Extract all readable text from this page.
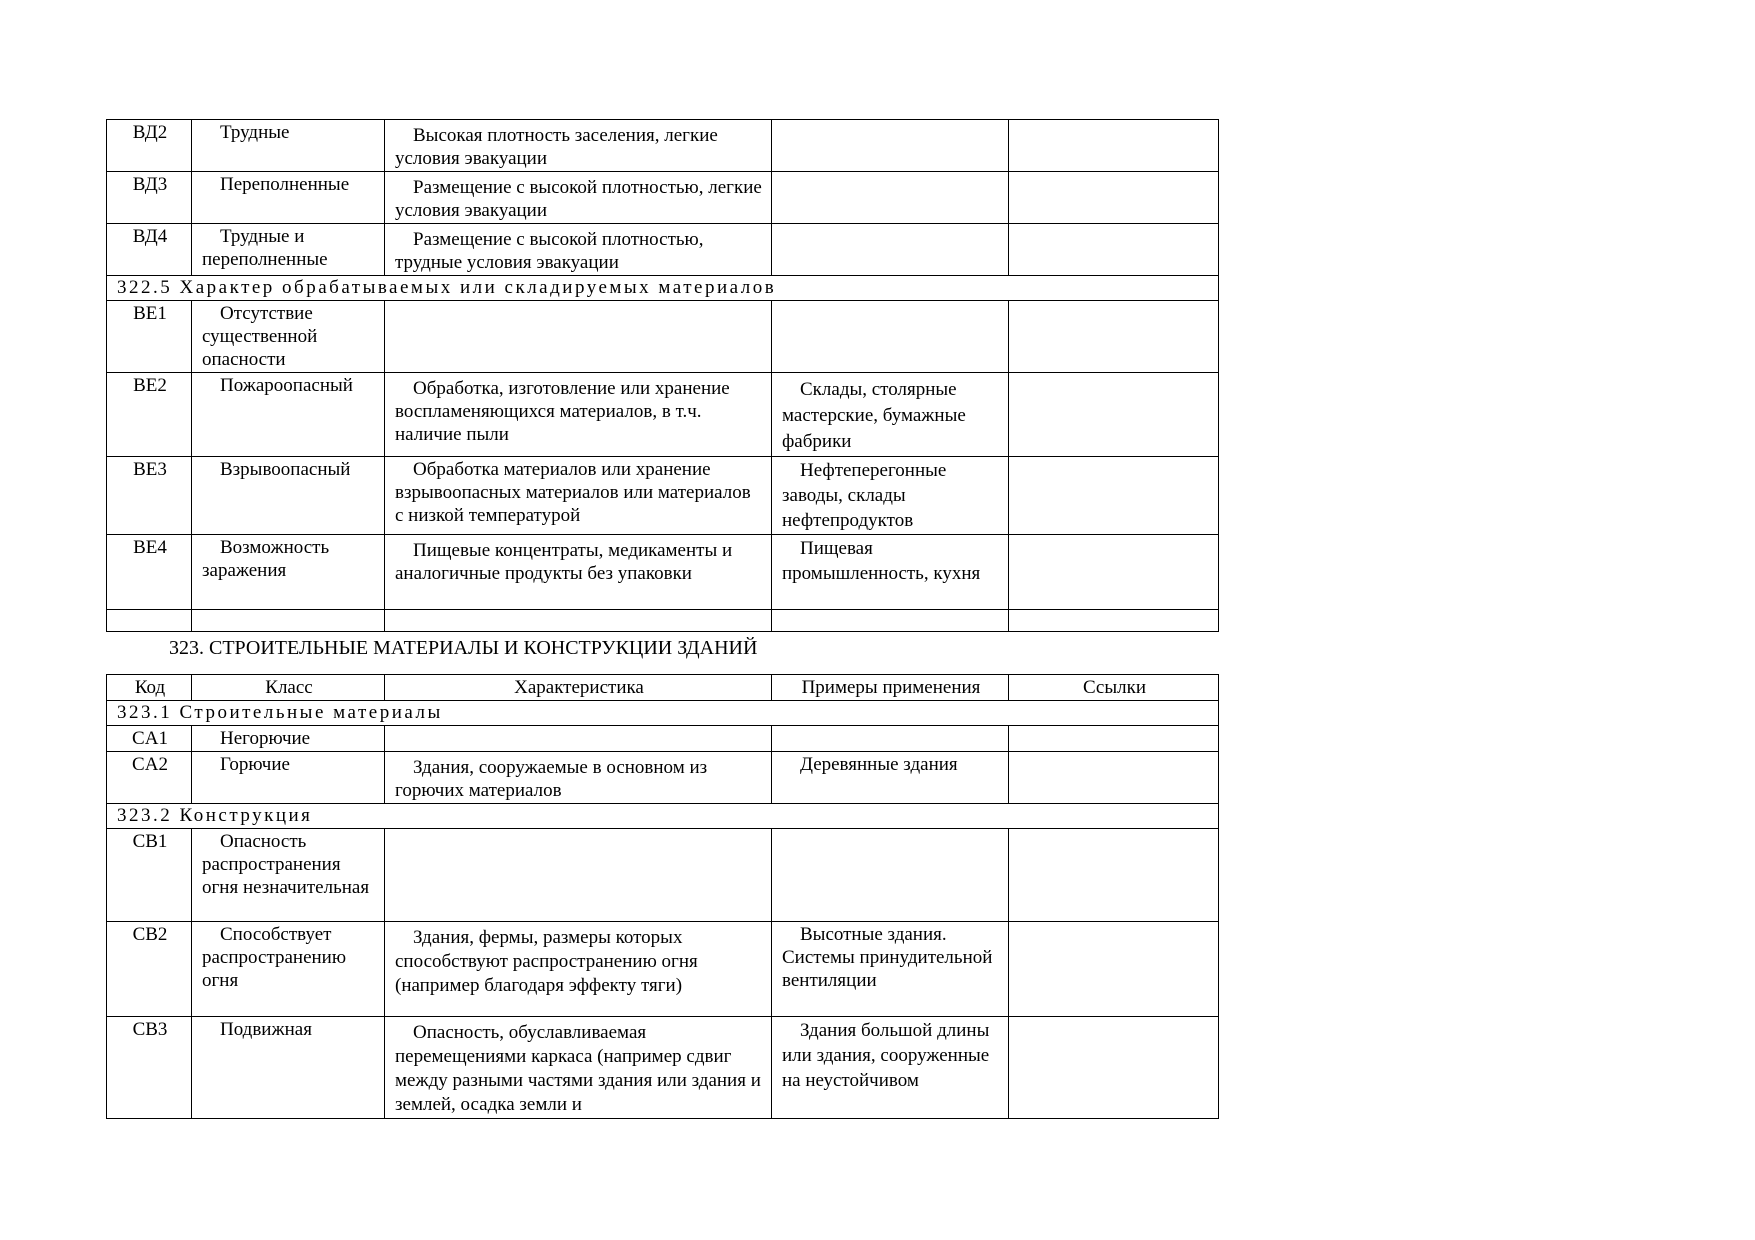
ВД2	Трудные	Высокая плотность заселения, легкие условия эвакуации		

ВД3	Переполненные	Размещение с высокой плотностью, легкие условия эвакуации		

ВД4	Трудные и переполненные	Размещение с высокой плотностью, трудные условия эвакуации		

322.5 Характер обрабатываемых или складируемых материалов				
BE1	Отсутствие существенной опасности			

BE2	Пожароопасный	Обработка, изготовление или хранение воспламеняющихся материалов, в т.ч. наличие пыли	Склады, столярные мастерские, бумажные фабрики	

BE3	Взрывоопасный	Обработка материалов или хранение взрывоопасных материалов или материалов с низкой температурой	Нефтеперегонные заводы, склады нефтепродуктов	

BE4	Возможность заражения	Пищевые концентраты, медикаменты и аналогичные продукты без упаковки	Пищевая промышленность, кухня	

323. СТРОИТЕЛЬНЫЕ МАТЕРИАЛЫ И КОНСТРУКЦИИ ЗДАНИЙ
Код	Класс	Характеристика	Примеры применения	Ссылки
323.1 Строительные материалы				
CA1	Негорючие			

CA2	Горючие	Здания, сооружаемые в основном из горючих материалов	Деревянные здания	

323.2 Конструкция				
CB1	Опасность распространения огня незначительная			

CB2	Способствует распространению огня	Здания, фермы, размеры которых способствуют распространению огня (например благодаря эффекту тяги)	Высотные здания. Системы принудительной вентиляции	

CB3	Подвижная	Опасность, обуславливаемая перемещениями каркаса (например сдвиг между разными частями здания или здания и землей, осадка земли и	Здания большой длины или здания, сооруженные на неустойчивом	
